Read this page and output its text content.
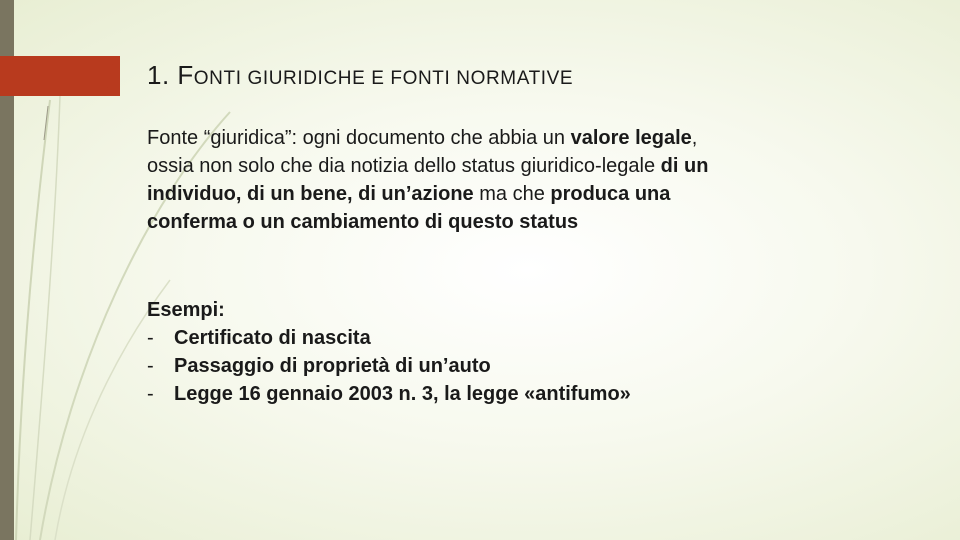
1. FONTI GIURIDICHE E FONTI NORMATIVE
Fonte “giuridica”: ogni documento che abbia un valore legale, ossia non solo che dia notizia dello status giuridico-legale di un individuo, di un bene, di un’azione ma che produca una conferma o un cambiamento di questo status
Esempi:
- Certificato di nascita
- Passaggio di proprietà di un’auto
- Legge 16 gennaio 2003 n. 3, la legge «antifumo»
